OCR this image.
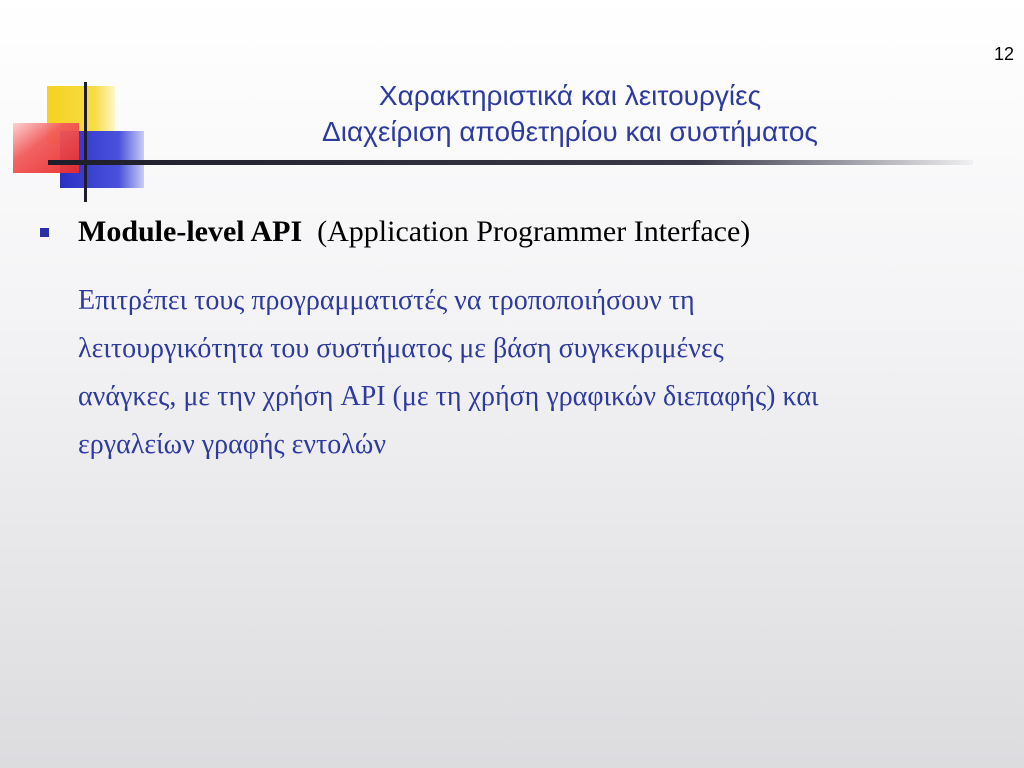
12
Χαρακτηριστικά και λειτουργίες
Διαχείριση αποθετηρίου και συστήματος
Module-level API (Application Programmer Interface)
Επιτρέπει τους προγραμματιστές να τροποποιήσουν τη
λειτουργικότητα του συστήματος με βάση συγκεκριμένες
ανάγκες, με την χρήση API (με τη χρήση γραφικών διεπαφής) και
εργαλείων γραφής εντολών
